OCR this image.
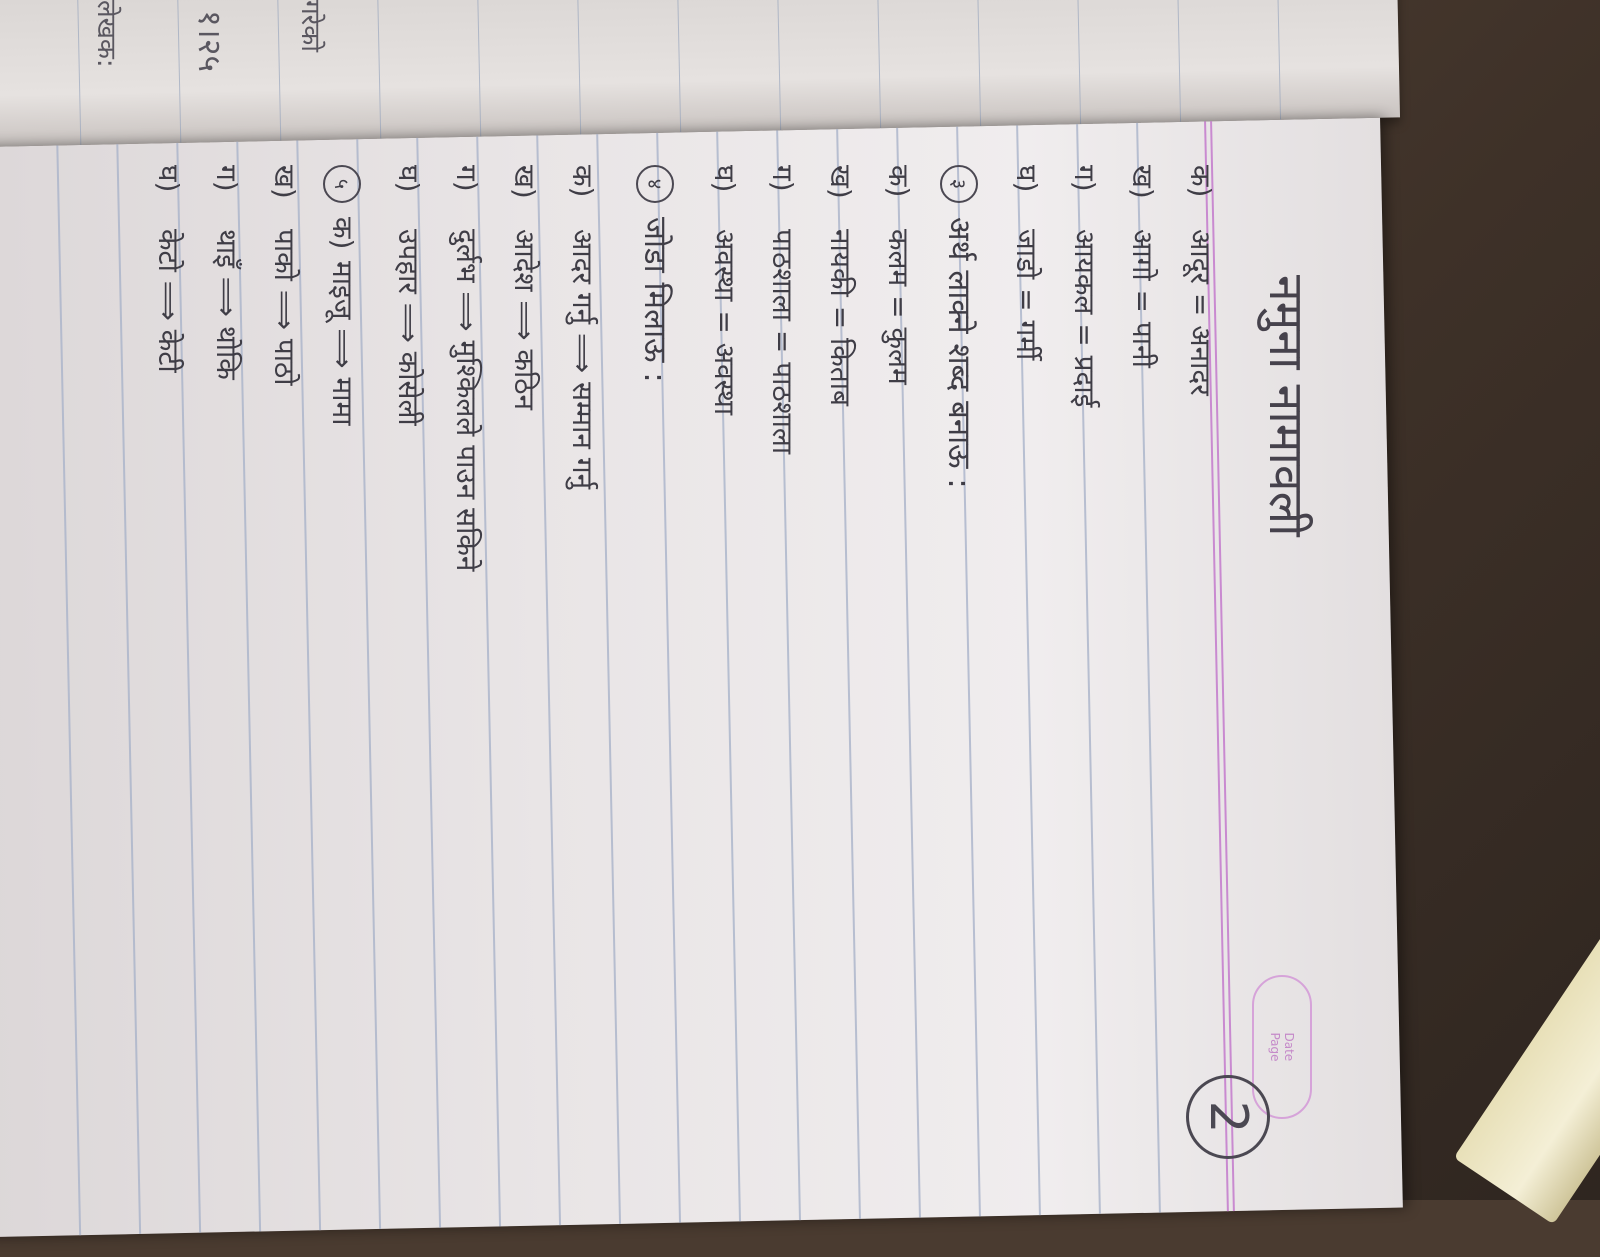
१।२५
लेखक:	गरेको
नमुना नामावली
Date
Page
2
क)
आदूर = अनादर
ख)
आगो = पानी
ग)
आयकल = प्रदाई
घ)
जाडो = गर्मी
३
अर्थ लाक्ने शब्द बनाऊ :
क)
कलम = कुलम
ख)
नायकी = किताब
ग)
पाठशाला = पाठशाला
घ)
अवस्था = अवस्था
४
जोडा मिलाऊ :
क)
आदर गर्नु ⟹ सम्मान गर्नु
ख)
आदेश ⟹ कठिन
ग)
दुर्लभ ⟹ मुश्किलले पाउन सकिने
घ)
उपहार ⟹ कोसेली
५
क)
माइजू ⟹ मामा
ख)
पाको ⟹ पाठो
ग)
थाइँ ⟹ थोकि
घ)
केटो ⟹ केटी
